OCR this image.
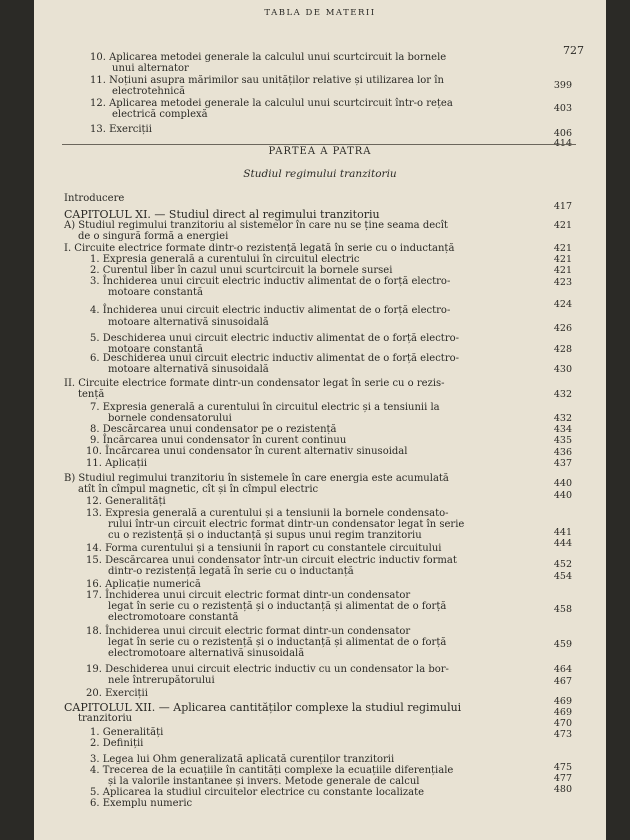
TABLA DE MATERII
727
10. Aplicarea metodei generale la calculul unui scurtcircuit la bornele
unui alternator
11. Noțiuni asupra mărimilor sau unităților relative și utilizarea lor în
electrotehnică
12. Aplicarea metodei generale la calculul unui scurtcircuit într-o rețea
electrică complexă
13. Exerciții
399
403
406
414
PARTEA A PATRA
Studiul regimului tranzitoriu
Introducere
417
CAPITOLUL XI. — Studiul direct al regimului tranzitoriu
A) Studiul regimului tranzitoriu al sistemelor în care nu se ține seama decît
de o singură formă a energiei
I. Circuite electrice formate dintr-o rezistență legată în serie cu o inductanță
1. Expresia generală a curentului în circuitul electric
2. Curentul liber în cazul unui scurtcircuit la bornele sursei
3. Închiderea unui circuit electric inductiv alimentat de o forță electro-
motoare constantă
4. Închiderea unui circuit electric inductiv alimentat de o forță electro-
motoare alternativă sinusoidală
5. Deschiderea unui circuit electric inductiv alimentat de o forță electro-
motoare constantă
6. Deschiderea unui circuit electric inductiv alimentat de o forță electro-
motoare alternativă sinusoidală
II. Circuite electrice formate dintr-un condensator legat în serie cu o rezis-
tență
7. Expresia generală a curentului în circuitul electric și a tensiunii la
bornele condensatorului
8. Descărcarea unui condensator pe o rezistență
9. Încărcarea unui condensator în curent continuu
10. Încărcarea unui condensator în curent alternativ sinusoidal
11. Aplicații
B) Studiul regimului tranzitoriu în sistemele în care energia este acumulată
atît în cîmpul magnetic, cît și în cîmpul electric
12. Generalități
13. Expresia generală a curentului și a tensiunii la bornele condensato-
rului într-un circuit electric format dintr-un condensator legat în serie
cu o rezistență și o inductanță și supus unui regim tranzitoriu
14. Forma curentului și a tensiunii în raport cu constantele circuitului
15. Descărcarea unui condensator într-un circuit electric inductiv format
dintr-o rezistență legată în serie cu o inductanță
16. Aplicație numerică
17. Închiderea unui circuit electric format dintr-un condensator
legat în serie cu o rezistență și o inductanță și alimentat de o forță
electromotoare constantă
18. Închiderea unui circuit electric format dintr-un condensator
legat în serie cu o rezistență și o inductanță și alimentat de o forță
electromotoare alternativă sinusoidală
19. Deschiderea unui circuit electric inductiv cu un condensator la bor-
nele întrerupătorului
20. Exerciții
CAPITOLUL XII. — Aplicarea cantităților complexe la studiul regimului
tranzitoriu
1. Generalități
2. Definiții
3. Legea lui Ohm generalizată aplicată curenților tranzitorii
4. Trecerea de la ecuațiile în cantități complexe la ecuațiile diferențiale
și la valorile instantanee și invers. Metode generale de calcul
5. Aplicarea la studiul circuitelor electrice cu constante localizate
6. Exemplu numeric
421
421
421
421
423
424
426
428
430
432
432
434
435
436
437
440
440
441
444
452
454
458
459
464
467
469
469
470
473
475
477
480
